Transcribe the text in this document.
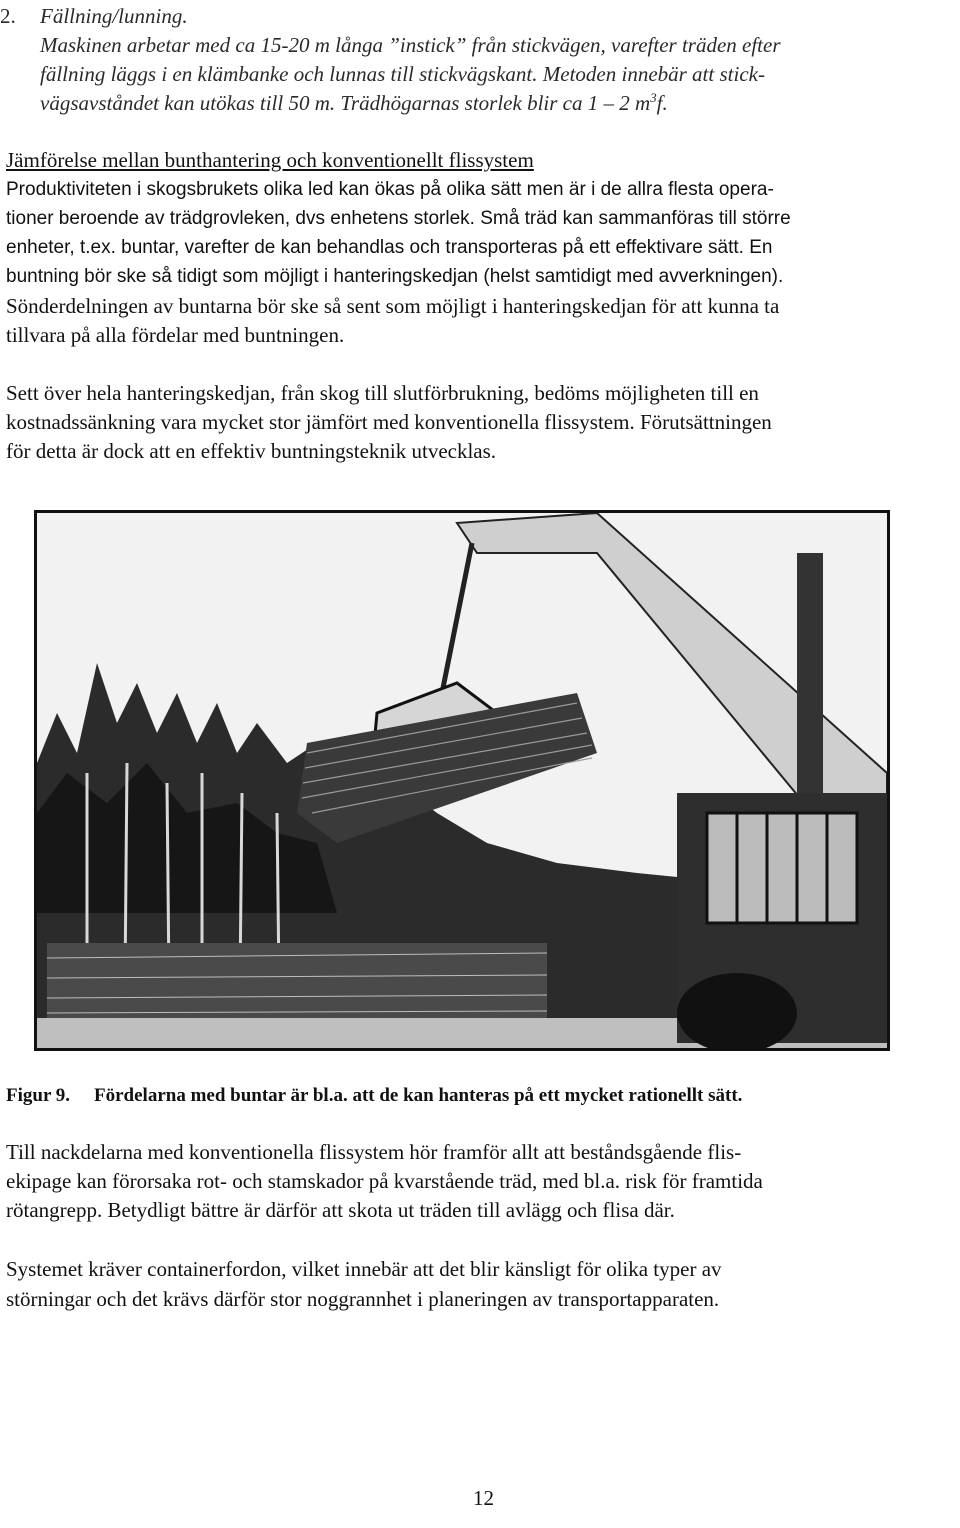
2. Fällning/lunning.
Maskinen arbetar med ca 15-20 m långa ”instick” från stickvägen, varefter träden efter
fällning läggs i en klämbanke och lunnas till stickvägskant. Metoden innebär att stick-
vägsavståndet kan utökas till 50 m. Trädhögarnas storlek blir ca 1 – 2 $m^3f$.
Jämförelse mellan bunthantering och konventionellt flissystem
Produktiviteten i skogsbrukets olika led kan ökas på olika sätt men är i de allra flesta opera-
tioner beroende av trädgrovleken, dvs enhetens storlek. Små träd kan sammanföras till större
enheter, t.ex. buntar, varefter de kan behandlas och transporteras på ett effektivare sätt. En
buntning bör ske så tidigt som möjligt i hanteringskedjan (helst samtidigt med avverkningen).
Sönderdelningen av buntarna bör ske så sent som möjligt i hanteringskedjan för att kunna ta
tillvara på alla fördelar med buntningen.
Sett över hela hanteringskedjan, från skog till slutförbrukning, bedöms möjligheten till en
kostnadssänkning vara mycket stor jämfört med konventionella flissystem. Förutsättningen
för detta är dock att en effektiv buntningsteknik utvecklas.
Figur 9. Fördelarna med buntar är bl.a. att de kan hanteras på ett mycket rationellt sätt.
Till nackdelarna med konventionella flissystem hör framför allt att beståndsgående flis-
ekipage kan förorsaka rot- och stamskador på kvarstående träd, med bl.a. risk för framtida
rötangrepp. Betydligt bättre är därför att skota ut träden till avlägg och flisa där.
Systemet kräver containerfordon, vilket innebär att det blir känsligt för olika typer av
störningar och det krävs därför stor noggrannhet i planeringen av transportapparaten.
12
